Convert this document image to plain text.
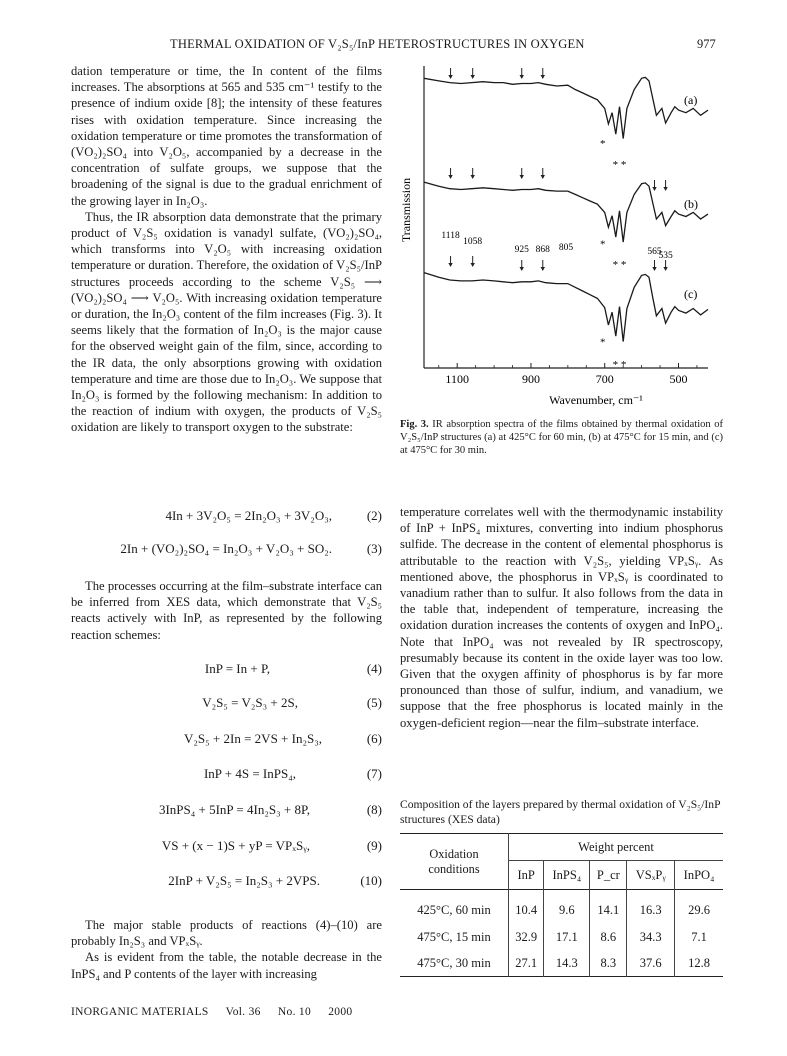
THERMAL OXIDATION OF V₂S₅/InP HETEROSTRUCTURES IN OXYGEN	977

dation temperature or time, the In content of the films increases. The absorptions at 565 and 535 cm⁻¹ testify to the presence of indium oxide [8]; the intensity of these features rises with oxidation temperature. Since increasing the oxidation temperature or time promotes the transformation of (VO₂)₂SO₄ into V₂O₅, accompanied by a decrease in the concentration of sulfate groups, we suppose that the broadening of the signal is due to the gradual enrichment of the growing layer in In₂O₃.

Thus, the IR absorption data demonstrate that the primary product of V₂S₅ oxidation is vanadyl sulfate, (VO₂)₂SO₄, which transforms into V₂O₅ with increasing oxidation temperature or duration. Therefore, the oxidation of V₂S₅/InP structures proceeds according to the scheme V₂S₅ ⟶ (VO₂)₂SO₄ ⟶ V₂O₅. With increasing oxidation temperature or duration, the In₂O₃ content of the film increases (Fig. 3). It seems likely that the formation of In₂O₃ is the major cause for the observed weight gain of the film, since, according to the IR data, the only absorptions growing with oxidation temperature and time are those due to In₂O₃. We suppose that In₂O₃ is formed by the following mechanism: In addition to the reaction of indium with oxygen, the products of V₂S₅ oxidation are likely to transport oxygen to the substrate:

4In + 3V₂O₅ = 2In₂O₃ + 3V₂O₃,	(2)
2In + (VO₂)₂SO₄ = In₂O₃ + V₂O₃ + SO₂.	(3)

The processes occurring at the film–substrate interface can be inferred from XES data, which demonstrate that V₂S₅ reacts actively with InP, as represented by the following reaction schemes:

InP = In + P,	(4)
V₂S₅ = V₂S₃ + 2S,	(5)
V₂S₅ + 2In = 2VS + In₂S₃,	(6)
InP + 4S = InPS₄,	(7)
3InPS₄ + 5InP = 4In₂S₃ + 8P,	(8)
VS + (x − 1)S + yP = VPₓSᵧ,	(9)
2InP + V₂S₅ = In₂S₃ + 2VPS.	(10)

The major stable products of reactions (4)–(10) are probably In₂S₃ and VPₓSᵧ.

As is evident from the table, the notable decrease in the InPS₄ and P contents of the layer with increasing

1100	900	700	500
Wavenumber, cm⁻¹
Transmission
(a)
*
* *
(b)
*
* *
(c)
*
* *
1118
1058
925 868 805	565
535
Fig. 3. IR absorption spectra of the films obtained by thermal oxidation of V₂S₅/InP structures (a) at 425°C for 60 min, (b) at 475°C for 15 min, and (c) at 475°C for 30 min.

temperature correlates well with the thermodynamic instability of InP + InPS₄ mixtures, converting into indium phosphorus sulfide. The decrease in the content of elemental phosphorus is attributable to the reaction with V₂S₅, yielding VPₓSᵧ. As mentioned above, the phosphorus in VPₓSᵧ is coordinated to vanadium rather than to sulfur. It also follows from the data in the table that, independent of temperature, increasing the oxidation duration increases the contents of oxygen and InPO₄. Note that InPO₄ was not revealed by IR spectroscopy, presumably because its content in the oxide layer was too low. Given that the oxygen affinity of phosphorus is by far more pronounced than those of sulfur, indium, and vanadium, we suppose that the free phosphorus is located mainly in the oxygen-deficient region—near the film–substrate interface.

Composition of the layers prepared by thermal oxidation of V₂S₅/InP structures (XES data)
Oxidation conditions	Weight percent				
	InP	InPS₄	P_cr	VSₓPᵧ	InPO₄
425°C, 60 min	10.4	9.6	14.1	16.3	29.6
475°C, 15 min	32.9	17.1	8.6	34.3	7.1
475°C, 30 min	27.1	14.3	8.3	37.6	12.8
INORGANIC MATERIALS Vol. 36 No. 10 2000
